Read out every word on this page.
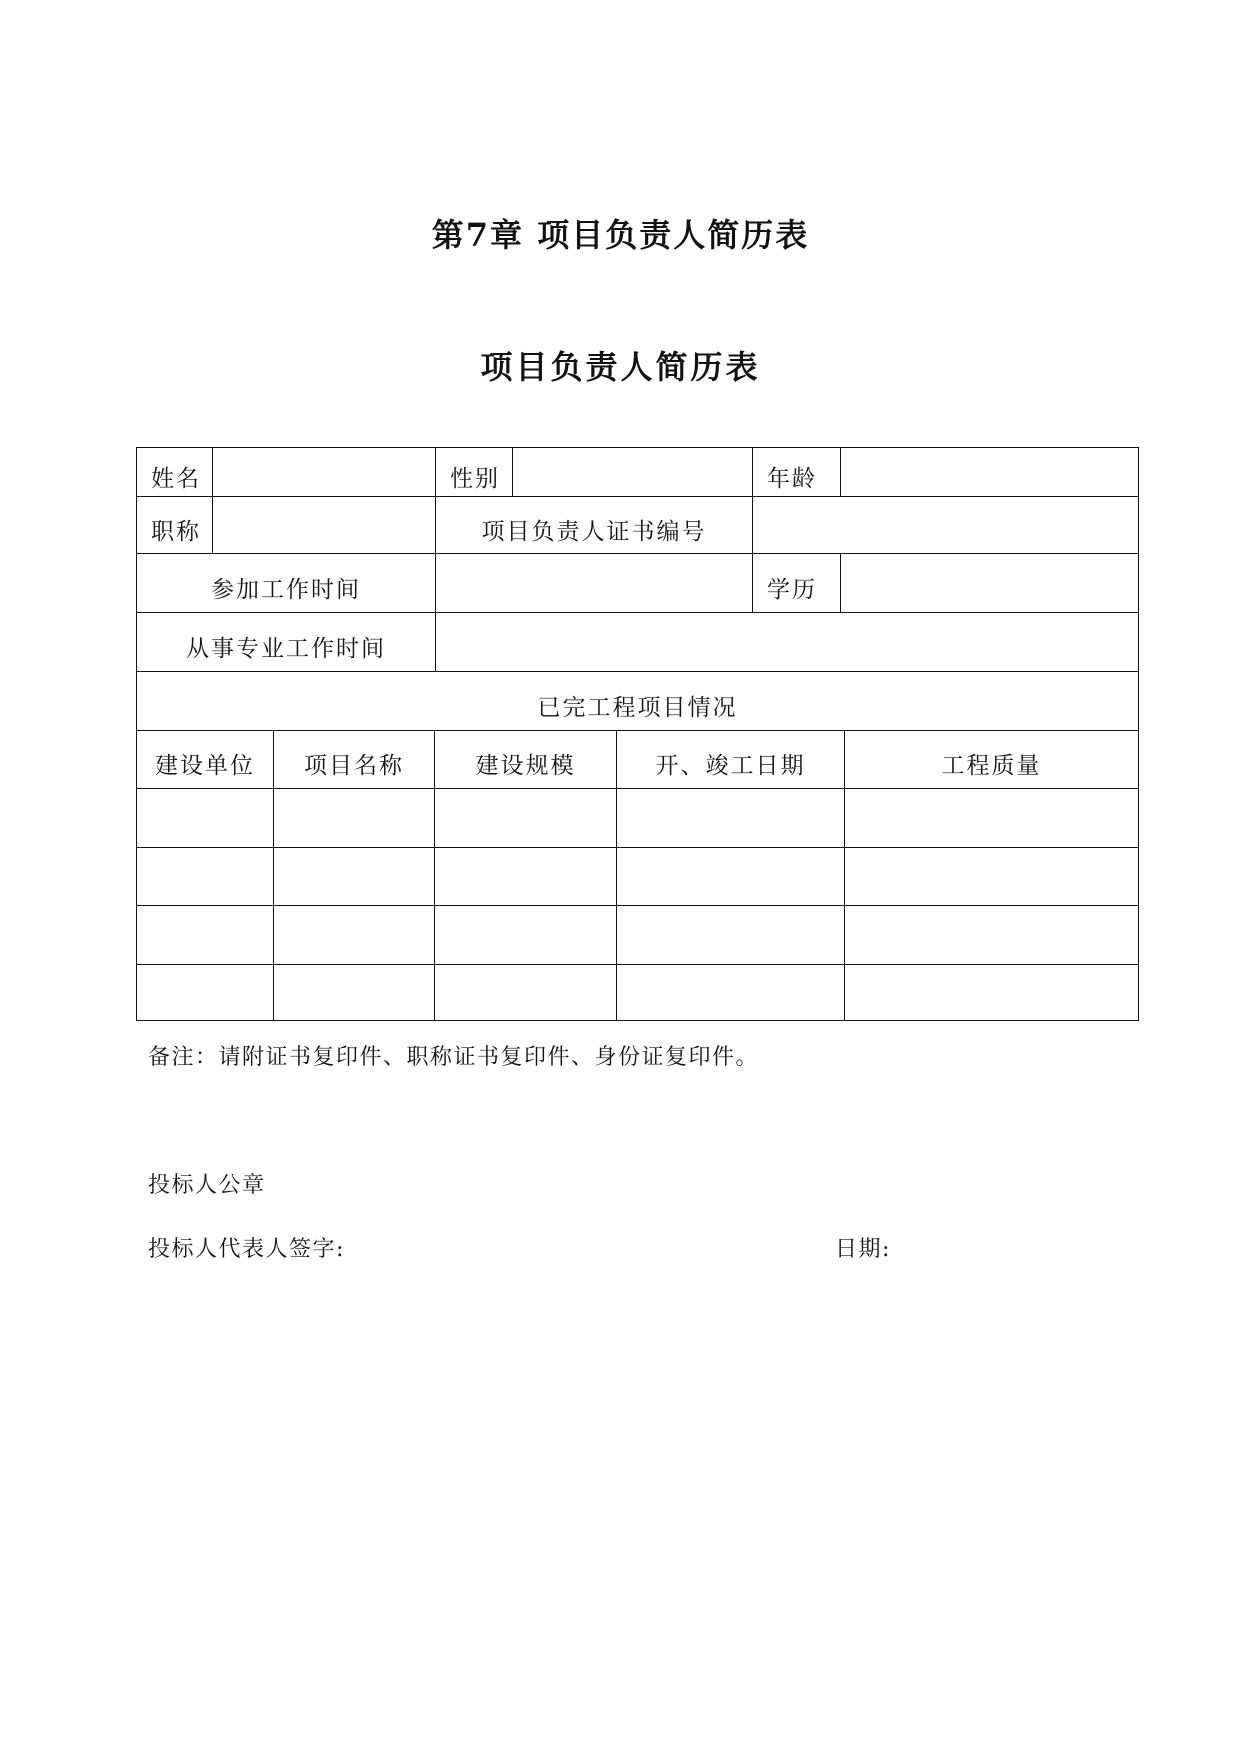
第7章 项目负责人简历表
项目负责人简历表
姓名	性别	年龄
职称	项目负责人证书编号
参加工作时间	学历
从事专业工作时间
已完工程项目情况
建设单位	项目名称	建设规模	开、竣工日期	工程质量
备注：请附证书复印件、职称证书复印件、身份证复印件。
投标人公章
投标人代表人签字:	日期:
